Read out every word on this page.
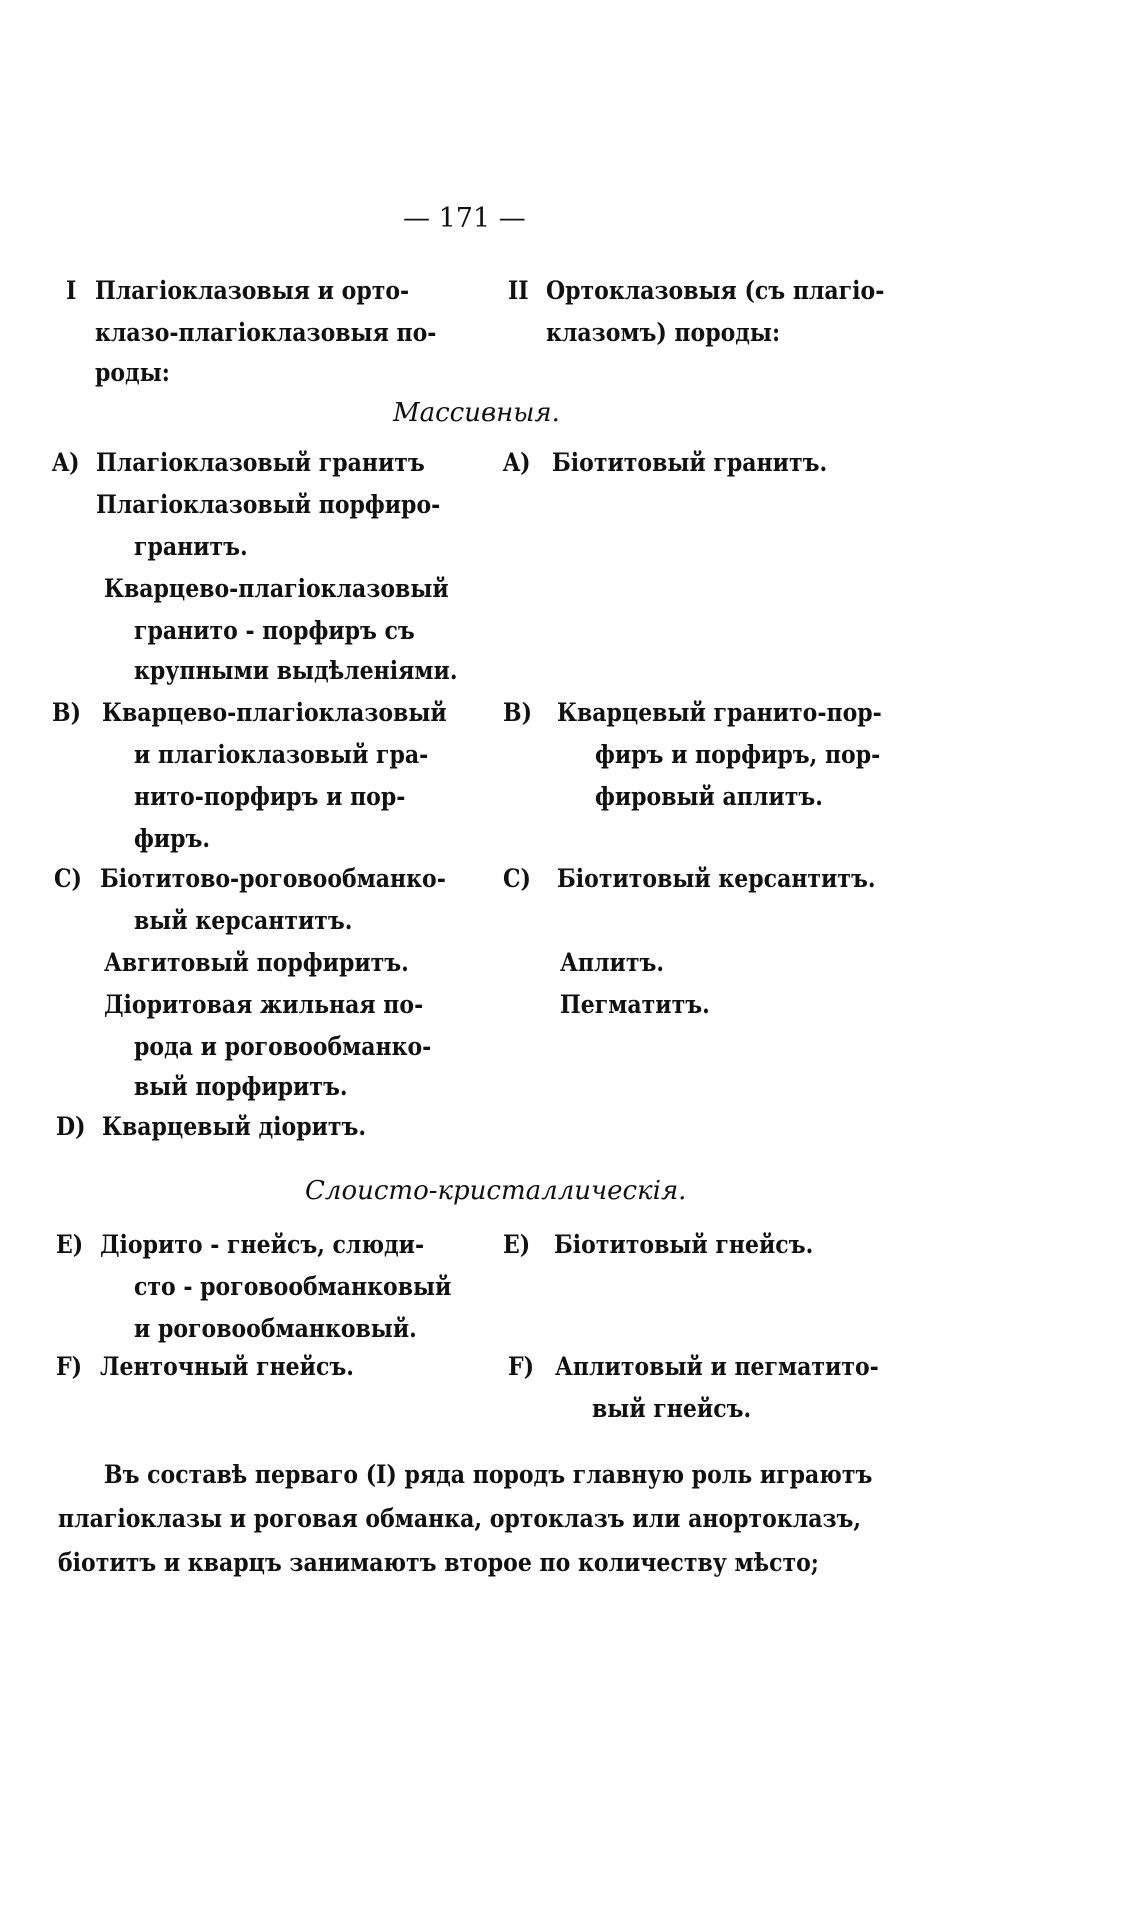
— 171 —
I Плагіоклазовыя и орто-
клазо-плагіоклазовыя по-
роды:
II Ортоклазовыя (съ плагіо-
клазомъ) породы:
Массивныя.
A) Плагіоклазовый гранитъ
Плагіоклазовый порфиро-
гранитъ.
Кварцево-плагіоклазовый
гранито - порфиръ съ
крупными выдѣленіями.
A) Біотитовый гранитъ.
B) Кварцево-плагіоклазовый
и плагіоклазовый гра-
нито-порфиръ и пор-
фиръ.
B) Кварцевый гранито-пор-
фиръ и порфиръ, пор-
фировый аплитъ.
C) Біотитово-роговообманко-
вый керсантитъ.
Авгитовый порфиритъ.
Діоритовая жильная по-
рода и роговообманко-
вый порфиритъ.
C) Біотитовый керсантитъ.
Аплитъ.
Пегматитъ.
D) Кварцевый діоритъ.
Слоисто-кристаллическія.
E) Діорито - гнейсъ, слюди-
сто - роговообманковый
и роговообманковый.
E) Біотитовый гнейсъ.
F) Ленточный гнейсъ.	F) Аплитовый и пегматито-
вый гнейсъ.
Въ составѣ перваго (I) ряда породъ главную роль играютъ
плагіоклазы и роговая обманка, ортоклазъ или анортоклазъ,
біотитъ и кварцъ занимаютъ второе по количеству мѣсто;
